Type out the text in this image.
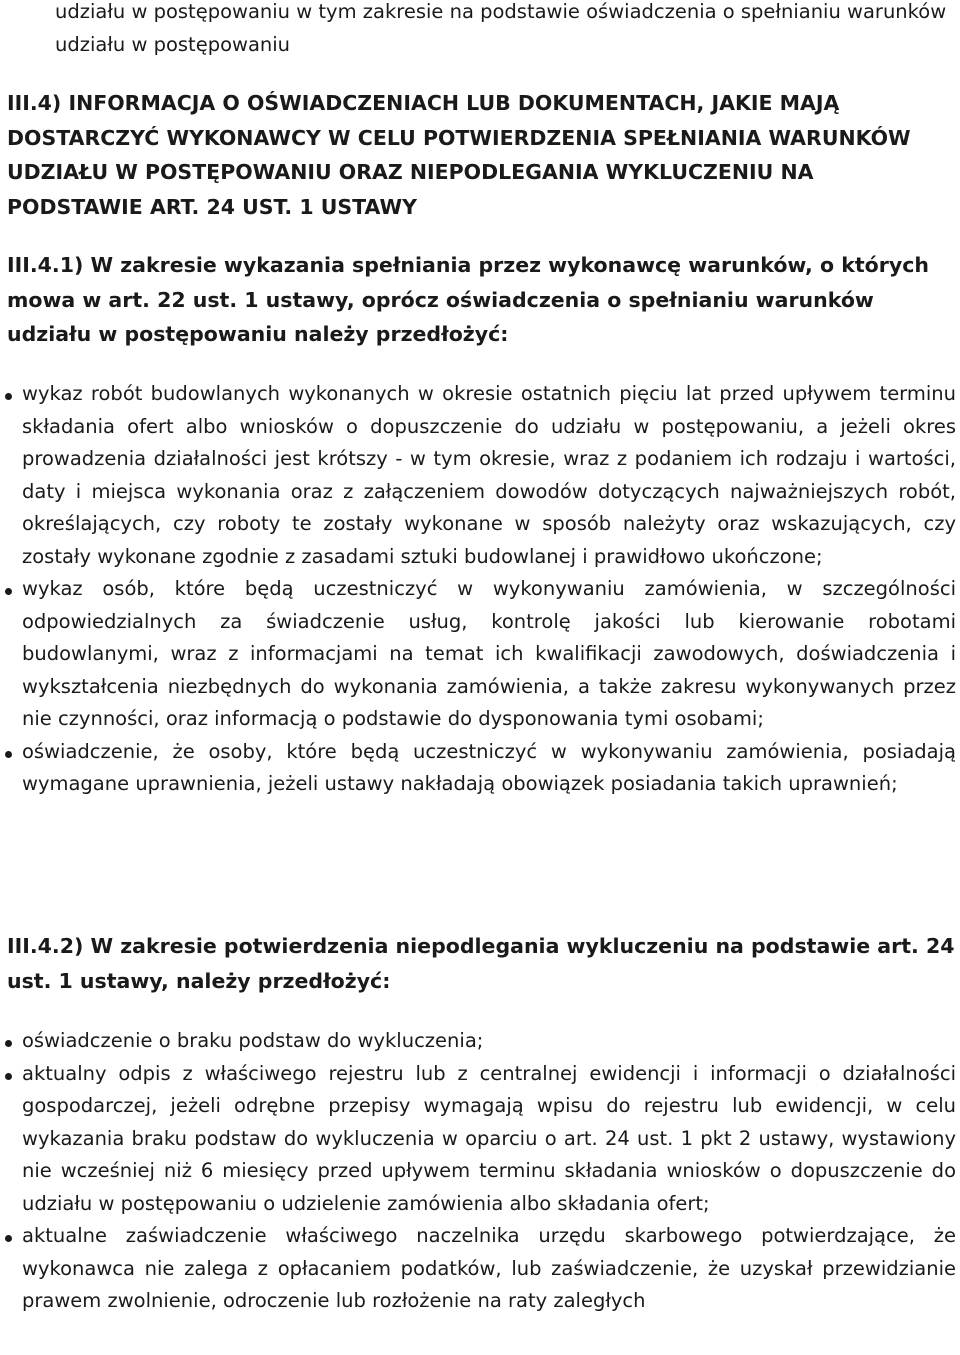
udziału w postępowaniu w tym zakresie na podstawie oświadczenia o spełnianiu warunków udziału w postępowaniu

III.4) INFORMACJA O OŚWIADCZENIACH LUB DOKUMENTACH, JAKIE MAJĄ DOSTARCZYĆ WYKONAWCY W CELU POTWIERDZENIA SPEŁNIANIA WARUNKÓW UDZIAŁU W POSTĘPOWANIU ORAZ NIEPODLEGANIA WYKLUCZENIU NA PODSTAWIE ART. 24 UST. 1 USTAWY
III.4.1) W zakresie wykazania spełniania przez wykonawcę warunków, o których mowa w art. 22 ust. 1 ustawy, oprócz oświadczenia o spełnianiu warunków udziału w postępowaniu należy przedłożyć:
wykaz robót budowlanych wykonanych w okresie ostatnich pięciu lat przed upływem terminu składania ofert albo wniosków o dopuszczenie do udziału w postępowaniu, a jeżeli okres prowadzenia działalności jest krótszy - w tym okresie, wraz z podaniem ich rodzaju i wartości, daty i miejsca wykonania oraz z załączeniem dowodów dotyczących najważniejszych robót, określających, czy roboty te zostały wykonane w sposób należyty oraz wskazujących, czy zostały wykonane zgodnie z zasadami sztuki budowlanej i prawidłowo ukończone;
wykaz osób, które będą uczestniczyć w wykonywaniu zamówienia, w szczególności odpowiedzialnych za świadczenie usług, kontrolę jakości lub kierowanie robotami budowlanymi, wraz z informacjami na temat ich kwalifikacji zawodowych, doświadczenia i wykształcenia niezbędnych do wykonania zamówienia, a także zakresu wykonywanych przez nie czynności, oraz informacją o podstawie do dysponowania tymi osobami;
oświadczenie, że osoby, które będą uczestniczyć w wykonywaniu zamówienia, posiadają wymagane uprawnienia, jeżeli ustawy nakładają obowiązek posiadania takich uprawnień;
III.4.2) W zakresie potwierdzenia niepodlegania wykluczeniu na podstawie art. 24 ust. 1 ustawy, należy przedłożyć:
oświadczenie o braku podstaw do wykluczenia;
aktualny odpis z właściwego rejestru lub z centralnej ewidencji i informacji o działalności gospodarczej, jeżeli odrębne przepisy wymagają wpisu do rejestru lub ewidencji, w celu wykazania braku podstaw do wykluczenia w oparciu o art. 24 ust. 1 pkt 2 ustawy, wystawiony nie wcześniej niż 6 miesięcy przed upływem terminu składania wniosków o dopuszczenie do udziału w postępowaniu o udzielenie zamówienia albo składania ofert;
aktualne zaświadczenie właściwego naczelnika urzędu skarbowego potwierdzające, że wykonawca nie zalega z opłacaniem podatków, lub zaświadczenie, że uzyskał przewidzianie prawem zwolnienie, odroczenie lub rozłożenie na raty zaległych
